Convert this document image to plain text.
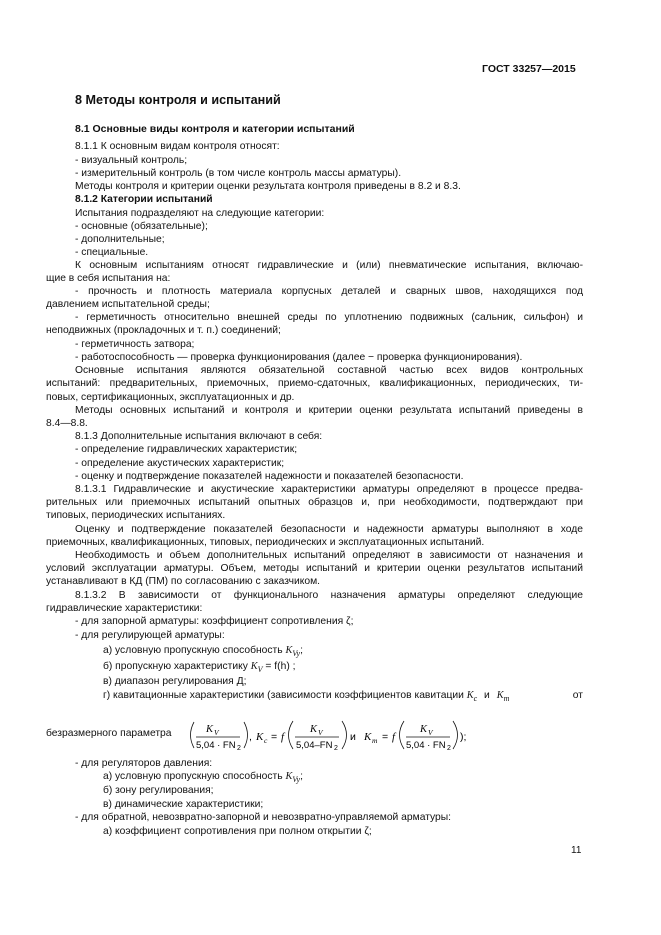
ГОСТ 33257—2015
8 Методы контроля и испытаний
8.1 Основные виды контроля и категории испытаний
8.1.1 К основным видам контроля относят:
- визуальный контроль;
- измерительный контроль (в том числе контроль массы арматуры).
Методы контроля и критерии оценки результата контроля приведены в 8.2 и 8.3.
8.1.2 Категории испытаний
Испытания подразделяют на следующие категории:
- основные (обязательные);
- дополнительные;
- специальные.
К основным испытаниям относят гидравлические и (или) пневматические испытания, включаю-
щие в себя испытания на:
- прочность и плотность материала корпусных деталей и сварных швов, находящихся под
давлением испытательной среды;
- герметичность относительно внешней среды по уплотнению подвижных (сальник, сильфон) и
неподвижных (прокладочных и т. п.) соединений;
- герметичность затвора;
- работоспособность — проверка функционирования (далее − проверка функционирования).
Основные испытания являются обязательной составной частью всех видов контрольных
испытаний: предварительных, приемочных, приемо-сдаточных, квалификационных, периодических, ти-
повых, сертификационных, эксплуатационных и др.
Методы основных испытаний и контроля и критерии оценки результата испытаний приведены в
8.4—8.8.
8.1.3 Дополнительные испытания включают в себя:
- определение гидравлических характеристик;
- определение акустических характеристик;
- оценку и подтверждение показателей надежности и показателей безопасности.
8.1.3.1 Гидравлические и акустические характеристики арматуры определяют в процессе предва-
рительных или приемочных испытаний опытных образцов и, при необходимости, подтверждают при
типовых, периодических испытаниях.
Оценку и подтверждение показателей безопасности и надежности арматуры выполняют в ходе
приемочных, квалификационных, типовых, периодических и эксплуатационных испытаний.
Необходимость и объем дополнительных испытаний определяют в зависимости от назначения и
условий эксплуатации арматуры. Объем, методы испытаний и критерии оценки результатов испытаний
устанавливают в КД (ПМ) по согласованию с заказчиком.
8.1.3.2 В зависимости от функционального назначения арматуры определяют следующие
гидравлические характеристики:
- для запорной арматуры: коэффициент сопротивления ζ;
- для регулирующей арматуры:
а) условную пропускную способность $K_{Vy}$;
б) пропускную характеристику $K_V = f(h)$ ;
в) диапазон регулирования Д;
г) кавитационные характеристики (зависимости коэффициентов кавитации $K_c$ и $K_m$	от
безразмерного параметра	K V
5,04 · FN 2
, K c = f
K V
5,04–FN 2
и K m = f
K V
5,04 · FN 2
);
- для регуляторов давления:
а) условную пропускную способность $K_{Vy}$;
б) зону регулирования;
в) динамические характеристики;
- для обратной, невозвратно-запорной и невозвратно-управляемой арматуры:
а) коэффициент сопротивления при полном открытии ζ;
11
